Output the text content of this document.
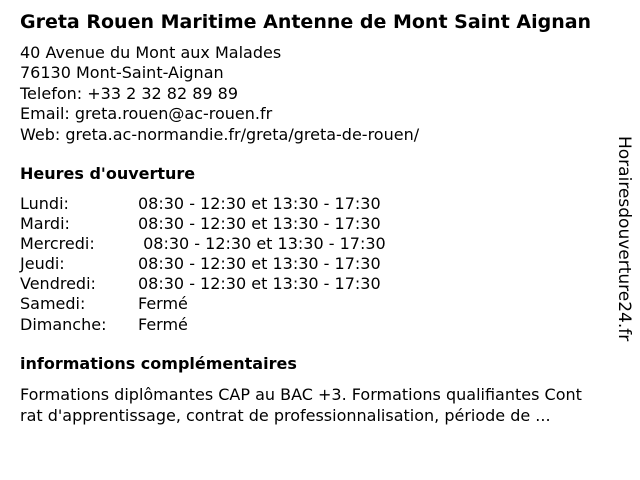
Greta Rouen Maritime Antenne de Mont Saint Aignan
40 Avenue du Mont aux Malades
76130 Mont-Saint-Aignan
Telefon: +33 2 32 82 89 89
Email: greta.rouen@ac-rouen.fr
Web: greta.ac-normandie.fr/greta/greta-de-rouen/
Heures d'ouverture
Lundi:	08:30 - 12:30 et 13:30 - 17:30
Mardi:	08:30 - 12:30 et 13:30 - 17:30
Mercredi:	08:30 - 12:30 et 13:30 - 17:30
Jeudi:	08:30 - 12:30 et 13:30 - 17:30
Vendredi:	08:30 - 12:30 et 13:30 - 17:30
Samedi:	Fermé
Dimanche:	Fermé
informations complémentaires
Formations diplômantes CAP au BAC +3. Formations qualifiantes Cont
rat d'apprentissage, contrat de professionnalisation, période de ...
Horairesdouverture24.fr
